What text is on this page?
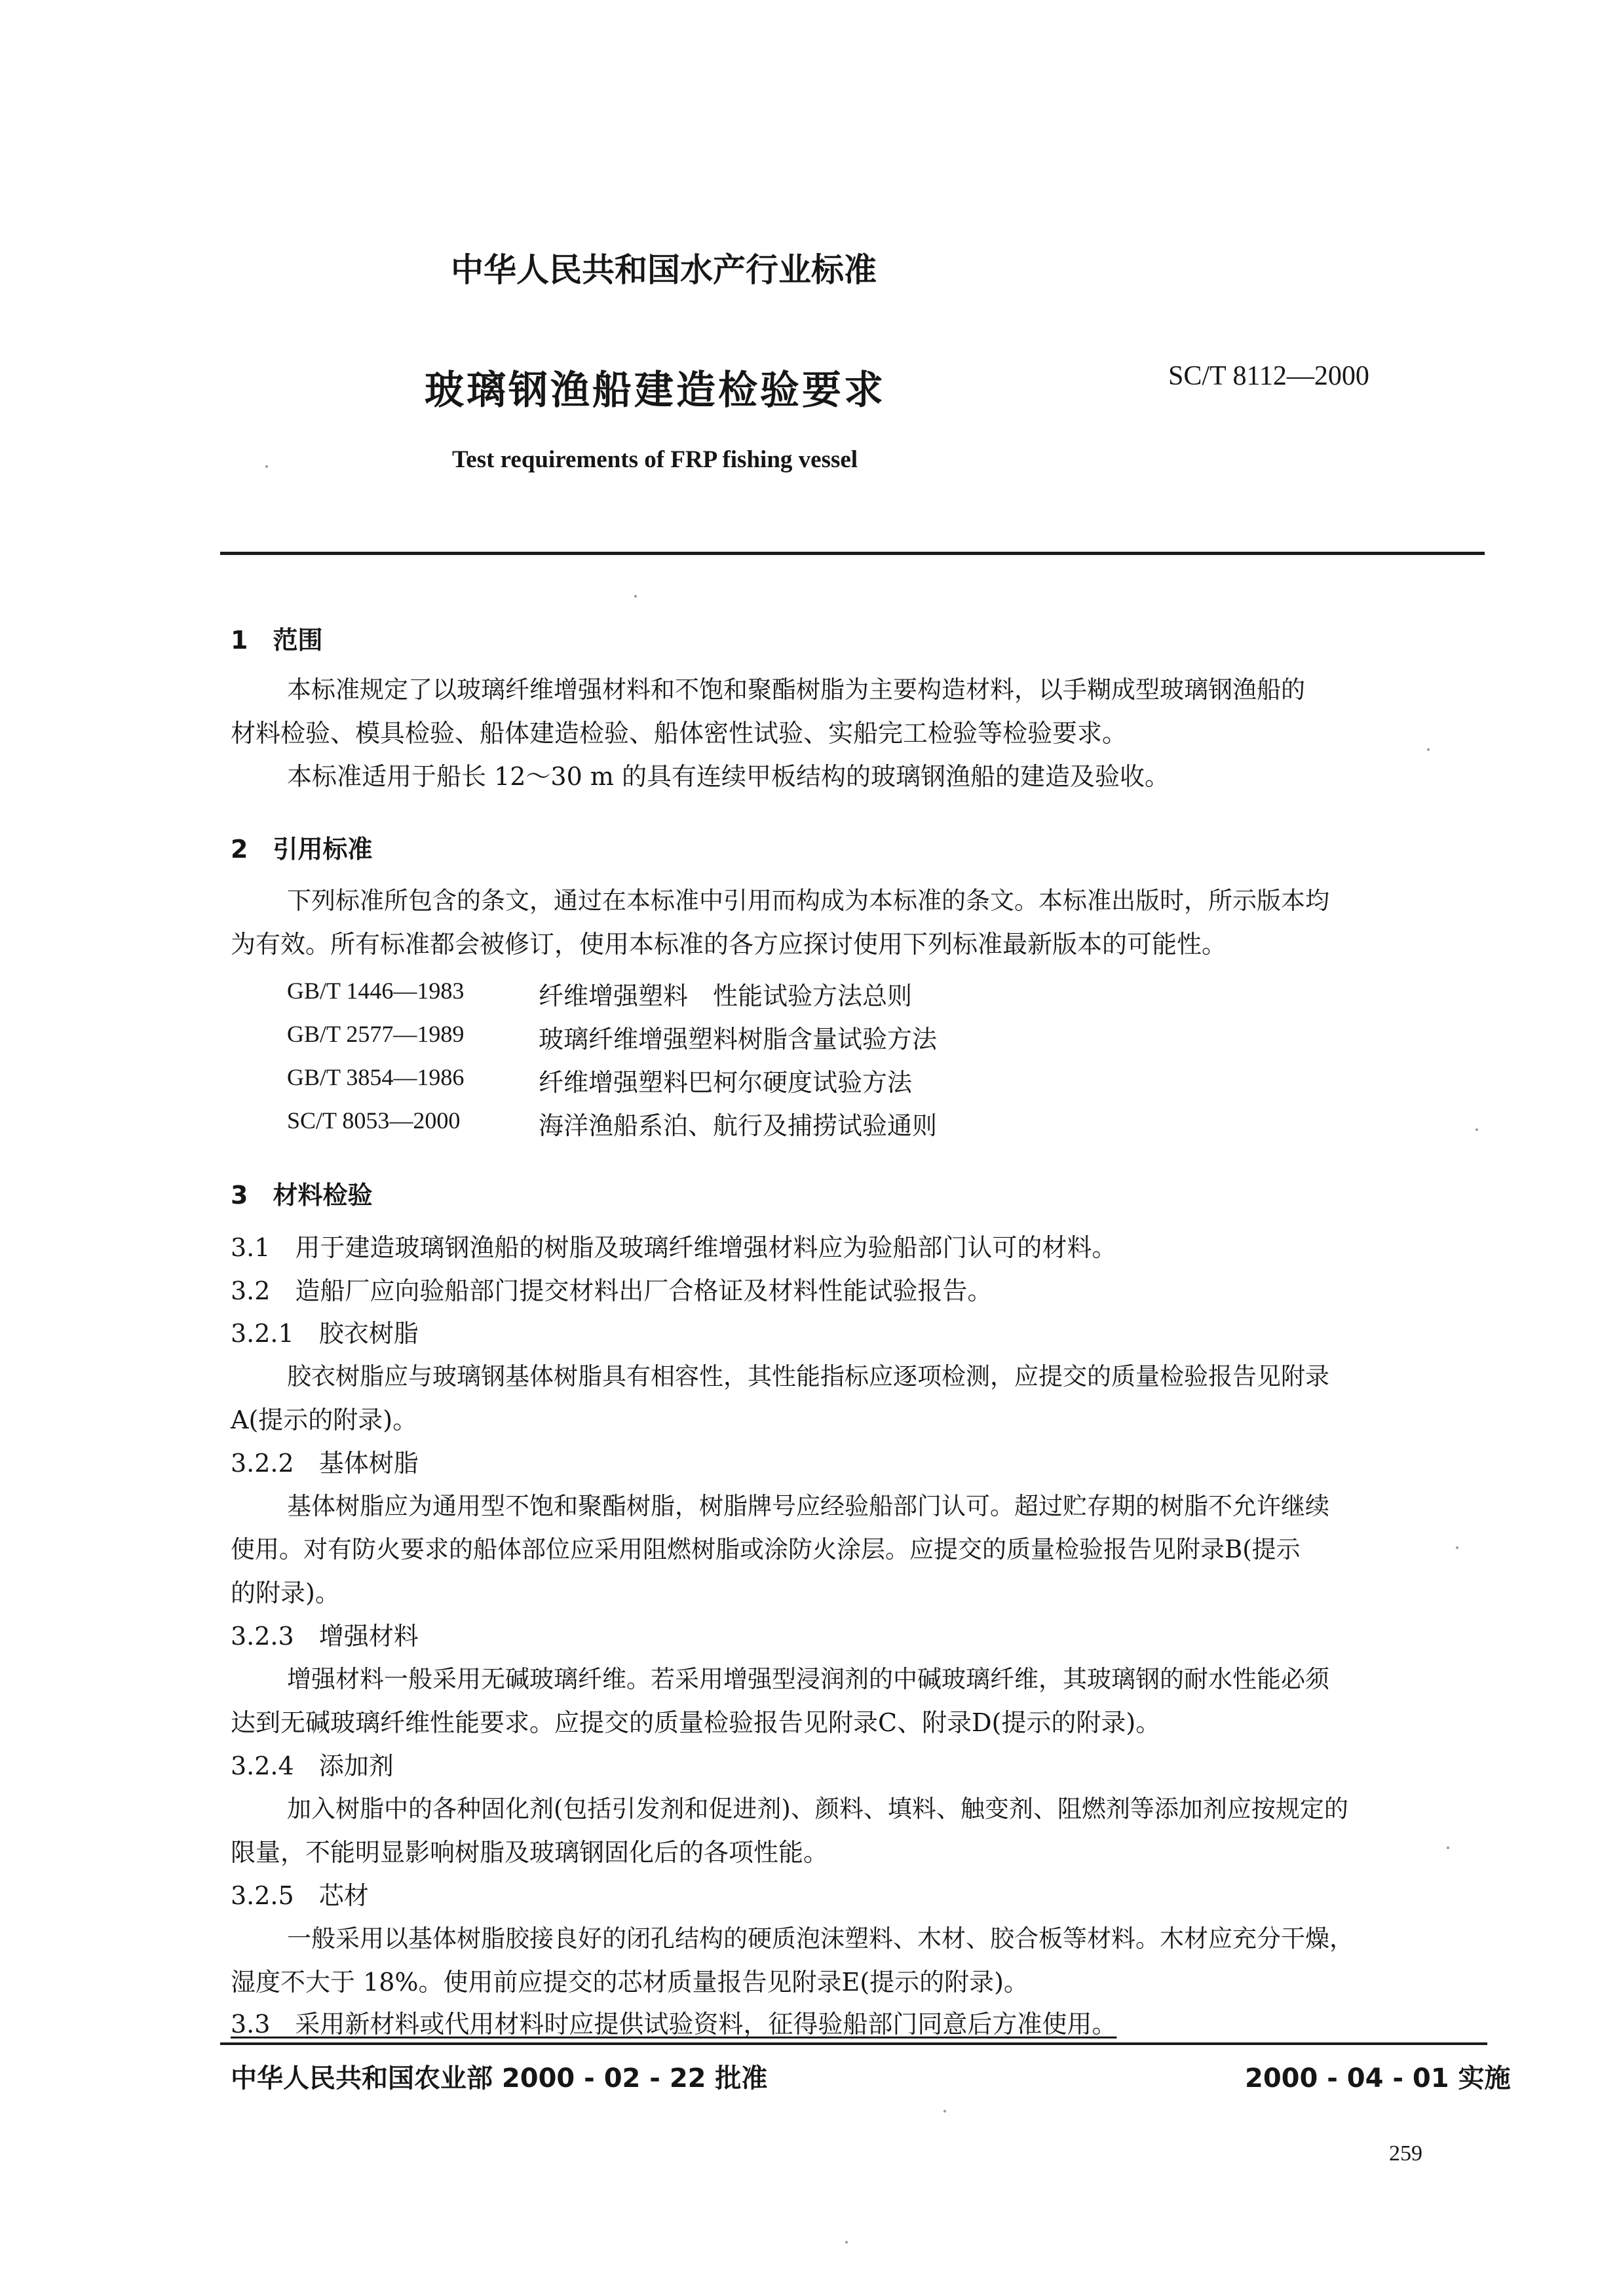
中华人民共和国水产行业标准
玻璃钢渔船建造检验要求	SC/T 8112—2000
Test requirements of FRP fishing vessel
1　范围
本标准规定了以玻璃纤维增强材料和不饱和聚酯树脂为主要构造材料，以手糊成型玻璃钢渔船的
材料检验、模具检验、船体建造检验、船体密性试验、实船完工检验等检验要求。
本标准适用于船长 12～30 m 的具有连续甲板结构的玻璃钢渔船的建造及验收。
2　引用标准
下列标准所包含的条文，通过在本标准中引用而构成为本标准的条文。本标准出版时，所示版本均
为有效。所有标准都会被修订，使用本标准的各方应探讨使用下列标准最新版本的可能性。
GB/T 1446—1983	纤维增强塑料　性能试验方法总则
GB/T 2577—1989	玻璃纤维增强塑料树脂含量试验方法
GB/T 3854—1986	纤维增强塑料巴柯尔硬度试验方法
SC/T 8053—2000	海洋渔船系泊、航行及捕捞试验通则
3　材料检验
3.1　用于建造玻璃钢渔船的树脂及玻璃纤维增强材料应为验船部门认可的材料。
3.2　造船厂应向验船部门提交材料出厂合格证及材料性能试验报告。
3.2.1　胶衣树脂
胶衣树脂应与玻璃钢基体树脂具有相容性，其性能指标应逐项检测，应提交的质量检验报告见附录
A(提示的附录)。
3.2.2　基体树脂
基体树脂应为通用型不饱和聚酯树脂，树脂牌号应经验船部门认可。超过贮存期的树脂不允许继续
使用。对有防火要求的船体部位应采用阻燃树脂或涂防火涂层。应提交的质量检验报告见附录B(提示
的附录)。
3.2.3　增强材料
增强材料一般采用无碱玻璃纤维。若采用增强型浸润剂的中碱玻璃纤维，其玻璃钢的耐水性能必须
达到无碱玻璃纤维性能要求。应提交的质量检验报告见附录C、附录D(提示的附录)。
3.2.4　添加剂
加入树脂中的各种固化剂(包括引发剂和促进剂)、颜料、填料、触变剂、阻燃剂等添加剂应按规定的
限量，不能明显影响树脂及玻璃钢固化后的各项性能。
3.2.5　芯材
一般采用以基体树脂胶接良好的闭孔结构的硬质泡沫塑料、木材、胶合板等材料。木材应充分干燥，
湿度不大于 18%。使用前应提交的芯材质量报告见附录E(提示的附录)。
3.3　采用新材料或代用材料时应提供试验资料，征得验船部门同意后方准使用。
中华人民共和国农业部 2000 - 02 - 22 批准	2000 - 04 - 01 实施
259
